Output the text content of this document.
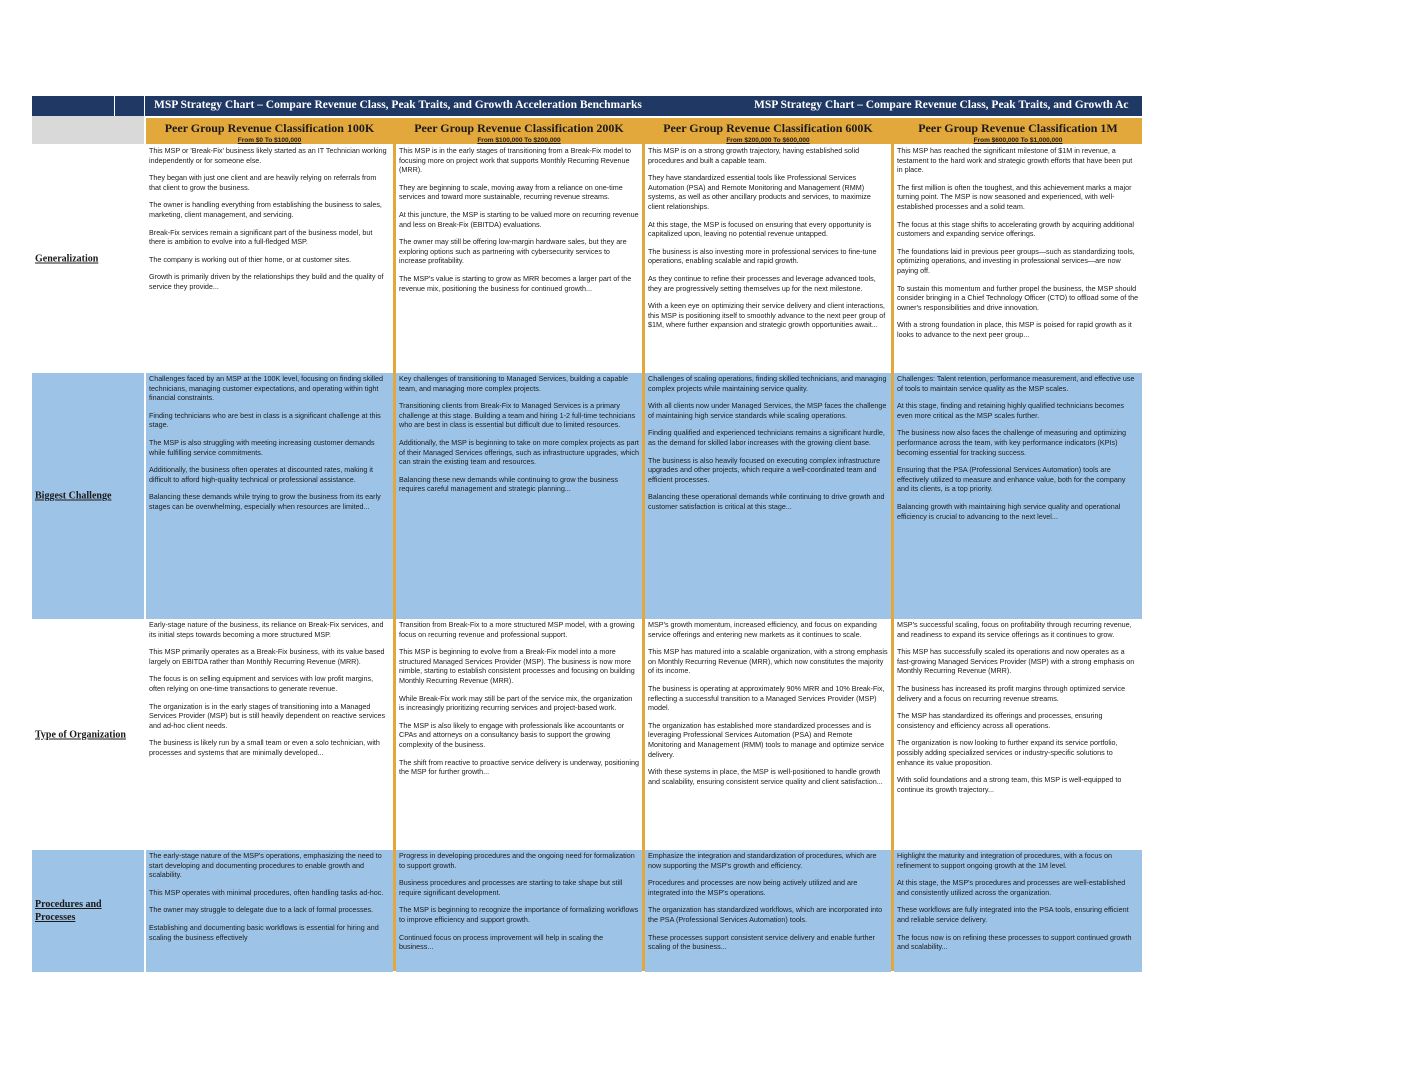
MSP Strategy Chart – Compare Revenue Class, Peak Traits, and Growth Acceleration Benchmarks	MSP Strategy Chart – Compare Revenue Class, Peak Traits, and Growth Ac
Peer Group Revenue Classification 100K
From $0 To $100,000
Peer Group Revenue Classification 200K
From $100,000 To $200,000
Peer Group Revenue Classification 600K
From $200,000 To $600,000
Peer Group Revenue Classification 1M
From $600,000 To $1,000,000
Generalization

This MSP or 'Break-Fix' business likely started as an IT Technician working independently or for someone else.

They began with just one client and are heavily relying on referrals from that client to grow the business.

The owner is handling everything from establishing the business to sales, marketing, client management, and servicing.

Break-Fix services remain a significant part of the business model, but there is ambition to evolve into a full-fledged MSP.

The company is working out of thier home, or at customer sites.

Growth is primarily driven by the relationships they build and the quality of service they provide...

This MSP is in the early stages of transitioning from a Break-Fix model to focusing more on project work that supports Monthly Recurring Revenue (MRR).

They are beginning to scale, moving away from a reliance on one-time services and toward more sustainable, recurring revenue streams.

At this juncture, the MSP is starting to be valued more on recurring revenue and less on Break-Fix (EBITDA) evaluations.

The owner may still be offering low-margin hardware sales, but they are exploring options such as partnering with cybersecurity services to increase profitability.

The MSP's value is starting to grow as MRR becomes a larger part of the revenue mix, positioning the business for continued growth...

This MSP is on a strong growth trajectory, having established solid procedures and built a capable team.

They have standardized essential tools like Professional Services Automation (PSA) and Remote Monitoring and Management (RMM) systems, as well as other ancillary products and services, to maximize client relationships.

At this stage, the MSP is focused on ensuring that every opportunity is capitalized upon, leaving no potential revenue untapped.

The business is also investing more in professional services to fine-tune operations, enabling scalable and rapid growth.

As they continue to refine their processes and leverage advanced tools, they are progressively setting themselves up for the next milestone.

With a keen eye on optimizing their service delivery and client interactions, this MSP is positioning itself to smoothly advance to the next peer group of $1M, where further expansion and strategic growth opportunities await...

This MSP has reached the significant milestone of $1M in revenue, a testament to the hard work and strategic growth efforts that have been put in place.

The first million is often the toughest, and this achievement marks a major turning point. The MSP is now seasoned and experienced, with well-established processes and a solid team.

The focus at this stage shifts to accelerating growth by acquiring additional customers and expanding service offerings.

The foundations laid in previous peer groups—such as standardizing tools, optimizing operations, and investing in professional services—are now paying off.

To sustain this momentum and further propel the business, the MSP should consider bringing in a Chief Technology Officer (CTO) to offload some of the owner's responsibilities and drive innovation.

With a strong foundation in place, this MSP is poised for rapid growth as it looks to advance to the next peer group...

Biggest Challenge

Challenges faced by an MSP at the 100K level, focusing on finding skilled technicians, managing customer expectations, and operating within tight financial constraints.

Finding technicians who are best in class is a significant challenge at this stage.

The MSP is also struggling with meeting increasing customer demands while fulfilling service commitments.

Additionally, the business often operates at discounted rates, making it difficult to afford high-quality technical or professional assistance.

Balancing these demands while trying to grow the business from its early stages can be overwhelming, especially when resources are limited...

Key challenges of transitioning to Managed Services, building a capable team, and managing more complex projects.

Transitioning clients from Break-Fix to Managed Services is a primary challenge at this stage. Building a team and hiring 1-2 full-time technicians who are best in class is essential but difficult due to limited resources.

Additionally, the MSP is beginning to take on more complex projects as part of their Managed Services offerings, such as infrastructure upgrades, which can strain the existing team and resources.

Balancing these new demands while continuing to grow the business requires careful management and strategic planning...

Challenges of scaling operations, finding skilled technicians, and managing complex projects while maintaining service quality.

With all clients now under Managed Services, the MSP faces the challenge of maintaining high service standards while scaling operations.

Finding qualified and experienced technicians remains a significant hurdle, as the demand for skilled labor increases with the growing client base.

The business is also heavily focused on executing complex infrastructure upgrades and other projects, which require a well-coordinated team and efficient processes.

Balancing these operational demands while continuing to drive growth and customer satisfaction is critical at this stage...

Challenges: Talent retention, performance measurement, and effective use of tools to maintain service quality as the MSP scales.

At this stage, finding and retaining highly qualified technicians becomes even more critical as the MSP scales further.

The business now also faces the challenge of measuring and optimizing performance across the team, with key performance indicators (KPIs) becoming essential for tracking success.

Ensuring that the PSA (Professional Services Automation) tools are effectively utilized to measure and enhance value, both for the company and its clients, is a top priority.

Balancing growth with maintaining high service quality and operational efficiency is crucial to advancing to the next level...

Type of Organization

Early-stage nature of the business, its reliance on Break-Fix services, and its initial steps towards becoming a more structured MSP.

This MSP primarily operates as a Break-Fix business, with its value based largely on EBITDA rather than Monthly Recurring Revenue (MRR).

The focus is on selling equipment and services with low profit margins, often relying on one-time transactions to generate revenue.

The organization is in the early stages of transitioning into a Managed Services Provider (MSP) but is still heavily dependent on reactive services and ad-hoc client needs.

The business is likely run by a small team or even a solo technician, with processes and systems that are minimally developed...

Transition from Break-Fix to a more structured MSP model, with a growing focus on recurring revenue and professional support.

This MSP is beginning to evolve from a Break-Fix model into a more structured Managed Services Provider (MSP). The business is now more nimble, starting to establish consistent processes and focusing on building Monthly Recurring Revenue (MRR).

While Break-Fix work may still be part of the service mix, the organization is increasingly prioritizing recurring services and project-based work.

The MSP is also likely to engage with professionals like accountants or CPAs and attorneys on a consultancy basis to support the growing complexity of the business.

The shift from reactive to proactive service delivery is underway, positioning the MSP for further growth...

MSP's growth momentum, increased efficiency, and focus on expanding service offerings and entering new markets as it continues to scale.

This MSP has matured into a scalable organization, with a strong emphasis on Monthly Recurring Revenue (MRR), which now constitutes the majority of its income.

The business is operating at approximately 90% MRR and 10% Break-Fix, reflecting a successful transition to a Managed Services Provider (MSP) model.

The organization has established more standardized processes and is leveraging Professional Services Automation (PSA) and Remote Monitoring and Management (RMM) tools to manage and optimize service delivery.

With these systems in place, the MSP is well-positioned to handle growth and scalability, ensuring consistent service quality and client satisfaction...

MSP's successful scaling, focus on profitability through recurring revenue, and readiness to expand its service offerings as it continues to grow.

This MSP has successfully scaled its operations and now operates as a fast-growing Managed Services Provider (MSP) with a strong emphasis on Monthly Recurring Revenue (MRR).

The business has increased its profit margins through optimized service delivery and a focus on recurring revenue streams.

The MSP has standardized its offerings and processes, ensuring consistency and efficiency across all operations.

The organization is now looking to further expand its service portfolio, possibly adding specialized services or industry-specific solutions to enhance its value proposition.

With solid foundations and a strong team, this MSP is well-equipped to continue its growth trajectory...

Procedures and Processes

The early-stage nature of the MSP's operations, emphasizing the need to start developing and documenting procedures to enable growth and scalability.

This MSP operates with minimal procedures, often handling tasks ad-hoc.

The owner may struggle to delegate due to a lack of formal processes.

Establishing and documenting basic workflows is essential for hiring and scaling the business effectively

Progress in developing procedures and the ongoing need for formalization to support growth.

Business procedures and processes are starting to take shape but still require significant development.

The MSP is beginning to recognize the importance of formalizing workflows to improve efficiency and support growth.

Continued focus on process improvement will help in scaling the business...

Emphasize the integration and standardization of procedures, which are now supporting the MSP's growth and efficiency.

Procedures and processes are now being actively utilized and are integrated into the MSP's operations.

The organization has standardized workflows, which are incorporated into the PSA (Professional Services Automation) tools.

These processes support consistent service delivery and enable further scaling of the business...

Highlight the maturity and integration of procedures, with a focus on refinement to support ongoing growth at the 1M level.

At this stage, the MSP's procedures and processes are well-established and consistently utilized across the organization.

These workflows are fully integrated into the PSA tools, ensuring efficient and reliable service delivery.

The focus now is on refining these processes to support continued growth and scalability...
